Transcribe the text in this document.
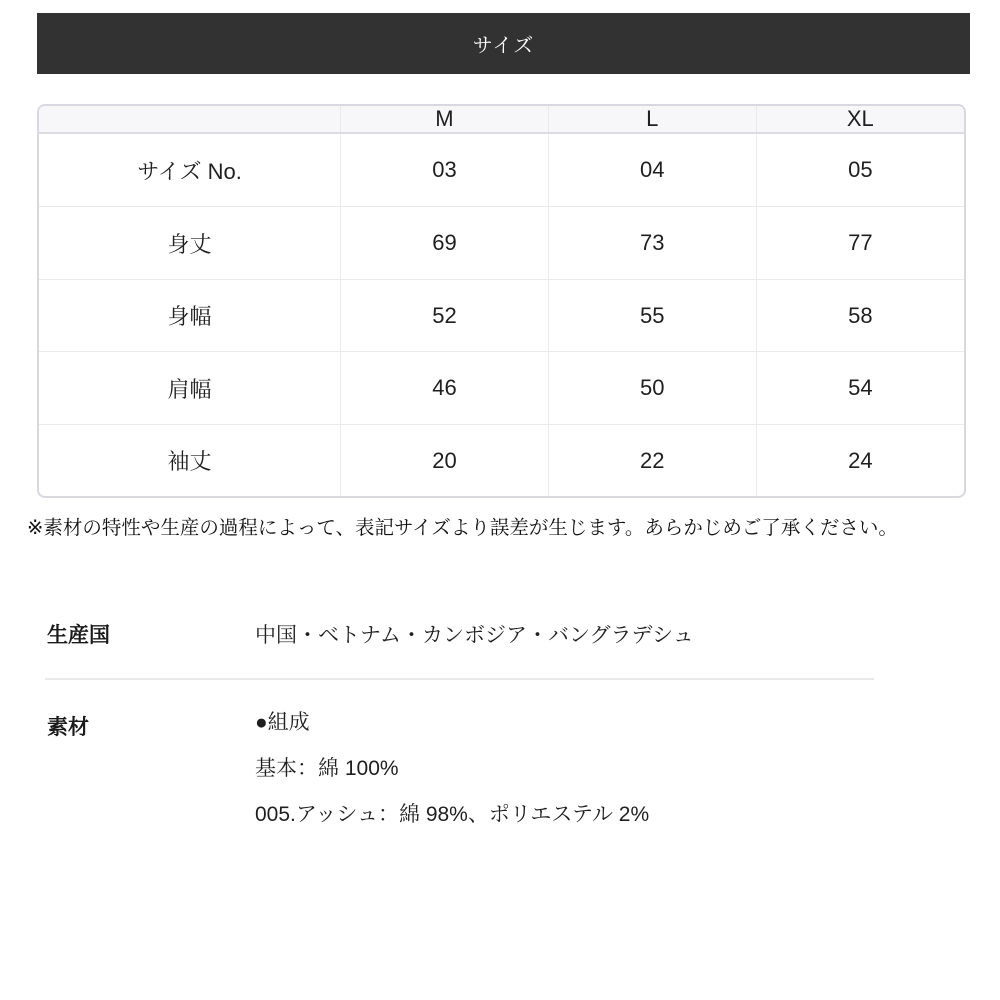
サイズ
	M	L	XL
サイズ No.	03	04	05
身丈	69	73	77
身幅	52	55	58
肩幅	46	50	54
袖丈	20	22	24
※素材の特性や生産の過程によって、表記サイズより誤差が生じます。あらかじめご了承ください。
生産国	中国・ベトナム・カンボジア・バングラデシュ
素材	●組成
基本：綿 100%
005.アッシュ：綿 98%、ポリエステル 2%
